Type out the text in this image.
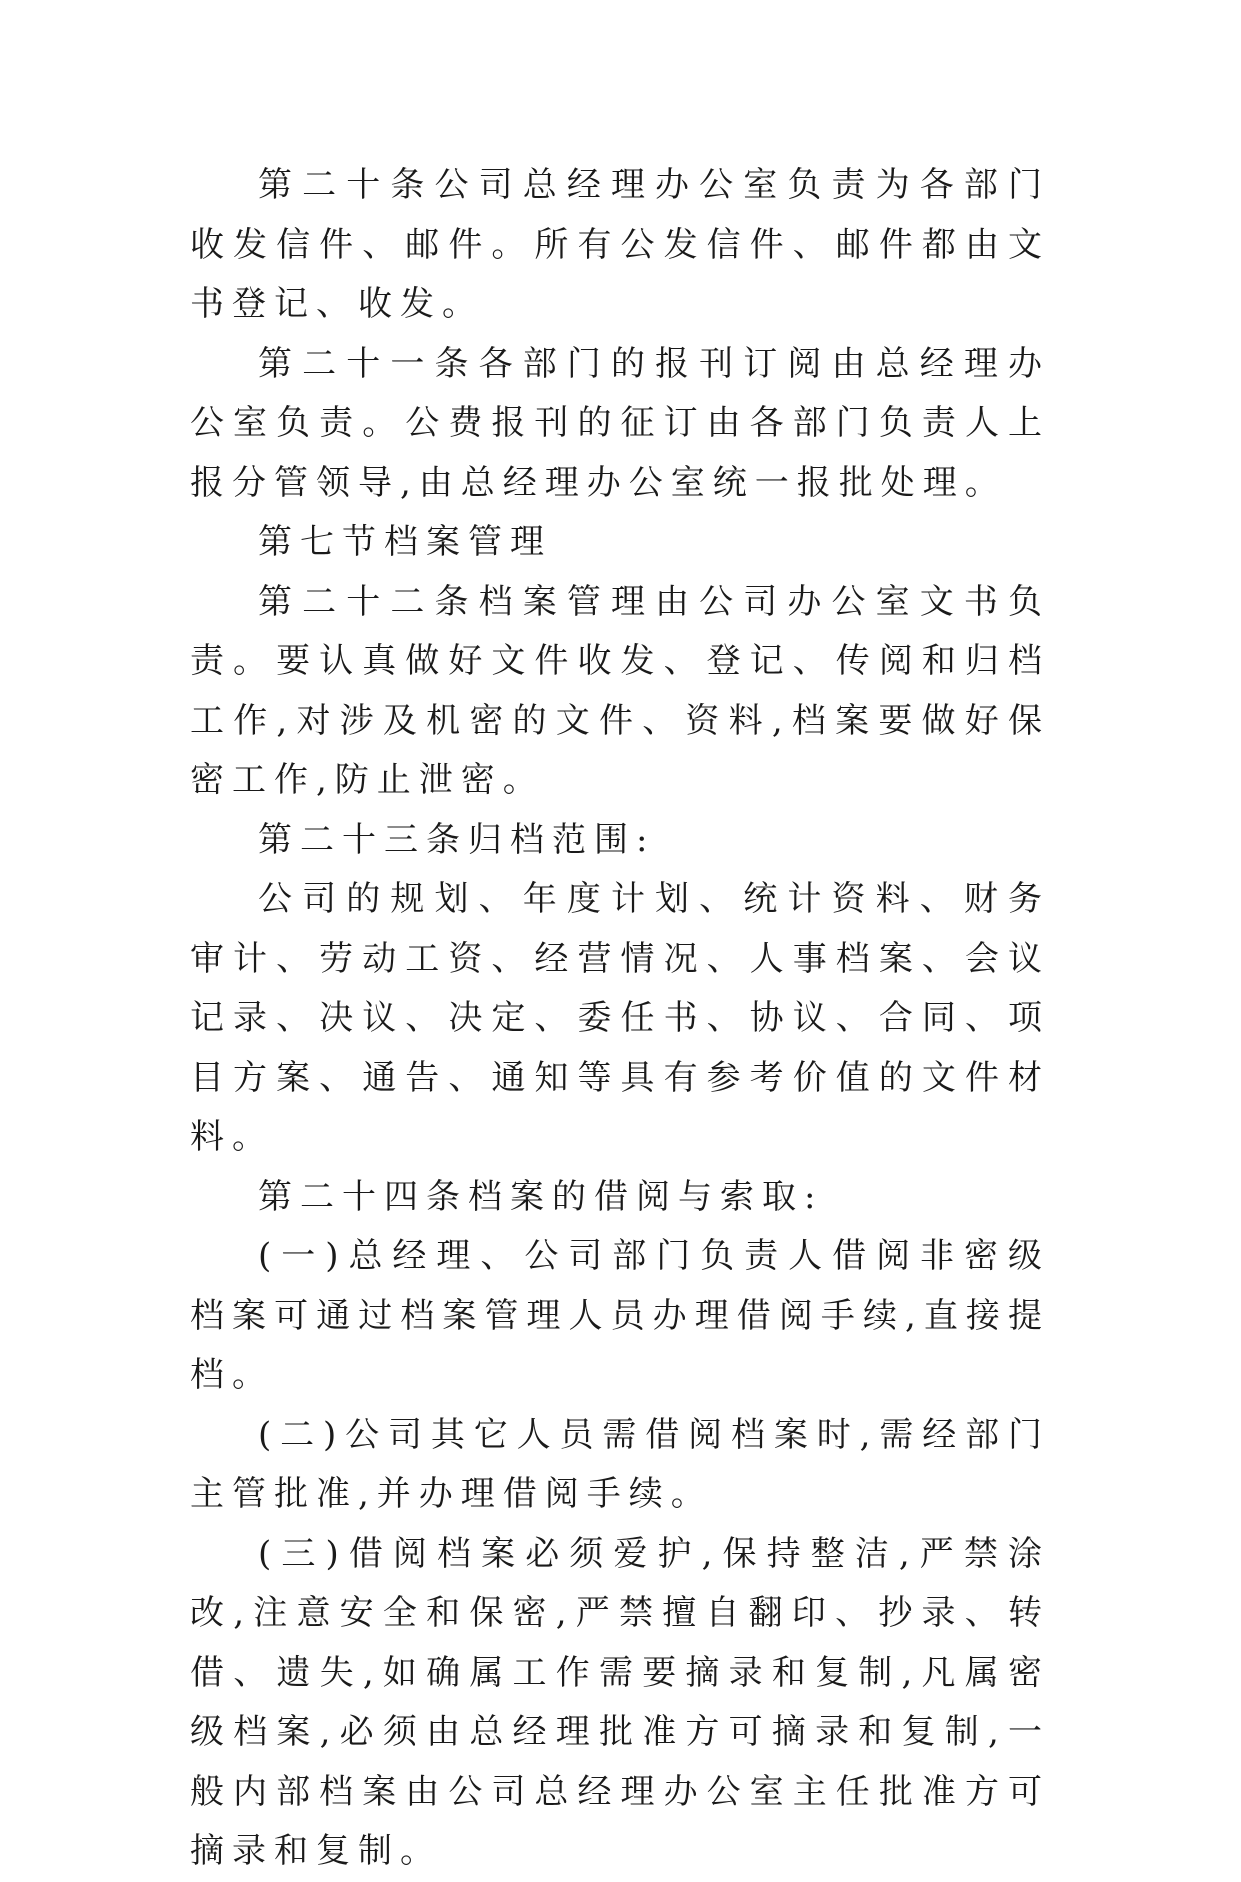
第二十条公司总经理办公室负责为各部门收发信件、邮件。所有公发信件、邮件都由文书登记、收发。

第二十一条各部门的报刊订阅由总经理办公室负责。公费报刊的征订由各部门负责人上报分管领导,由总经理办公室统一报批处理。

第七节档案管理

第二十二条档案管理由公司办公室文书负责。要认真做好文件收发、登记、传阅和归档工作,对涉及机密的文件、资料,档案要做好保密工作,防止泄密。

第二十三条归档范围:

公司的规划、年度计划、统计资料、财务审计、劳动工资、经营情况、人事档案、会议记录、决议、决定、委任书、协议、合同、项目方案、通告、通知等具有参考价值的文件材料。

第二十四条档案的借阅与索取:

(一)总经理、公司部门负责人借阅非密级档案可通过档案管理人员办理借阅手续,直接提档。

(二)公司其它人员需借阅档案时,需经部门主管批准,并办理借阅手续。

(三)借阅档案必须爱护,保持整洁,严禁涂改,注意安全和保密,严禁擅自翻印、抄录、转借、遗失,如确属工作需要摘录和复制,凡属密级档案,必须由总经理批准方可摘录和复制,一般内部档案由公司总经理办公室主任批准方可摘录和复制。
